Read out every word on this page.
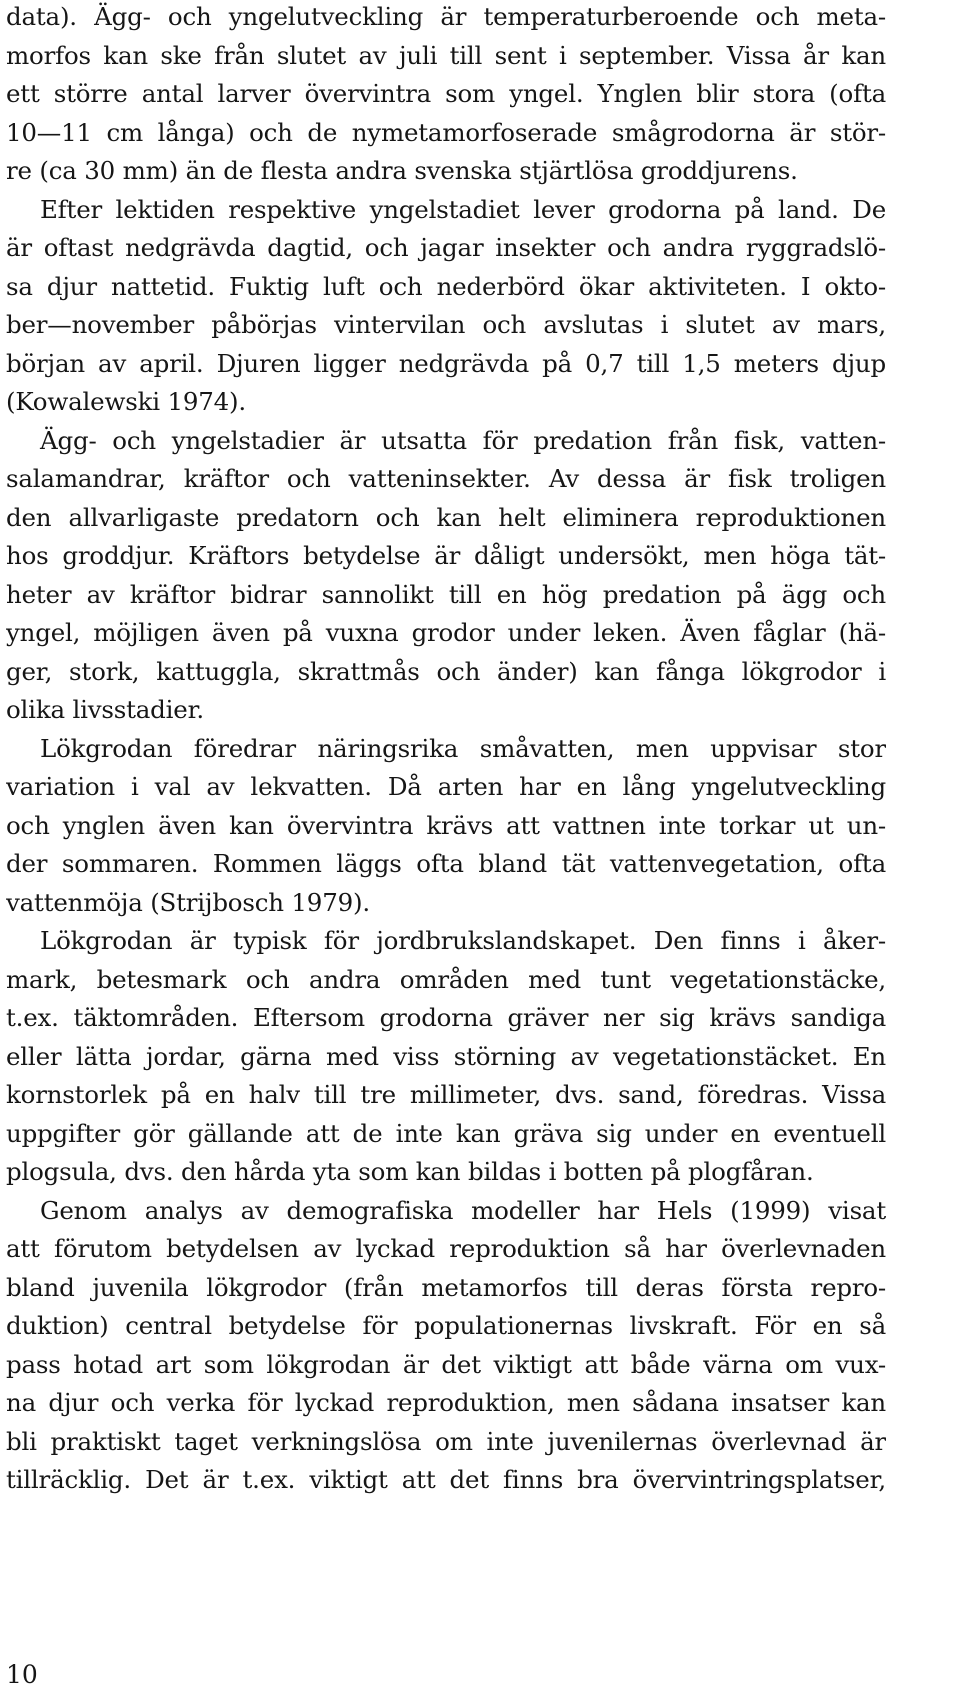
data). Ägg- och yngelutveckling är temperaturberoende och meta-
morfos kan ske från slutet av juli till sent i september. Vissa år kan
ett större antal larver övervintra som yngel. Ynglen blir stora (ofta
10—11 cm långa) och de nymetamorfoserade smågrodorna är stör-
re (ca 30 mm) än de flesta andra svenska stjärtlösa groddjurens.
Efter lektiden respektive yngelstadiet lever grodorna på land. De
är oftast nedgrävda dagtid, och jagar insekter och andra ryggradslö-
sa djur nattetid. Fuktig luft och nederbörd ökar aktiviteten. I okto-
ber—november påbörjas vintervilan och avslutas i slutet av mars,
början av april. Djuren ligger nedgrävda på 0,7 till 1,5 meters djup
(Kowalewski 1974).
Ägg- och yngelstadier är utsatta för predation från fisk, vatten-
salamandrar, kräftor och vatteninsekter. Av dessa är fisk troligen
den allvarligaste predatorn och kan helt eliminera reproduktionen
hos groddjur. Kräftors betydelse är dåligt undersökt, men höga tät-
heter av kräftor bidrar sannolikt till en hög predation på ägg och
yngel, möjligen även på vuxna grodor under leken. Även fåglar (hä-
ger, stork, kattuggla, skrattmås och änder) kan fånga lökgrodor i
olika livsstadier.
Lökgrodan föredrar näringsrika småvatten, men uppvisar stor
variation i val av lekvatten. Då arten har en lång yngelutveckling
och ynglen även kan övervintra krävs att vattnen inte torkar ut un-
der sommaren. Rommen läggs ofta bland tät vattenvegetation, ofta
vattenmöja (Strijbosch 1979).
Lökgrodan är typisk för jordbrukslandskapet. Den finns i åker-
mark, betesmark och andra områden med tunt vegetationstäcke,
t.ex. täktområden. Eftersom grodorna gräver ner sig krävs sandiga
eller lätta jordar, gärna med viss störning av vegetationstäcket. En
kornstorlek på en halv till tre millimeter, dvs. sand, föredras. Vissa
uppgifter gör gällande att de inte kan gräva sig under en eventuell
plogsula, dvs. den hårda yta som kan bildas i botten på plogfåran.
Genom analys av demografiska modeller har Hels (1999) visat
att förutom betydelsen av lyckad reproduktion så har överlevnaden
bland juvenila lökgrodor (från metamorfos till deras första repro-
duktion) central betydelse för populationernas livskraft. För en så
pass hotad art som lökgrodan är det viktigt att både värna om vux-
na djur och verka för lyckad reproduktion, men sådana insatser kan
bli praktiskt taget verkningslösa om inte juvenilernas överlevnad är
tillräcklig. Det är t.ex. viktigt att det finns bra övervintringsplatser,
10
